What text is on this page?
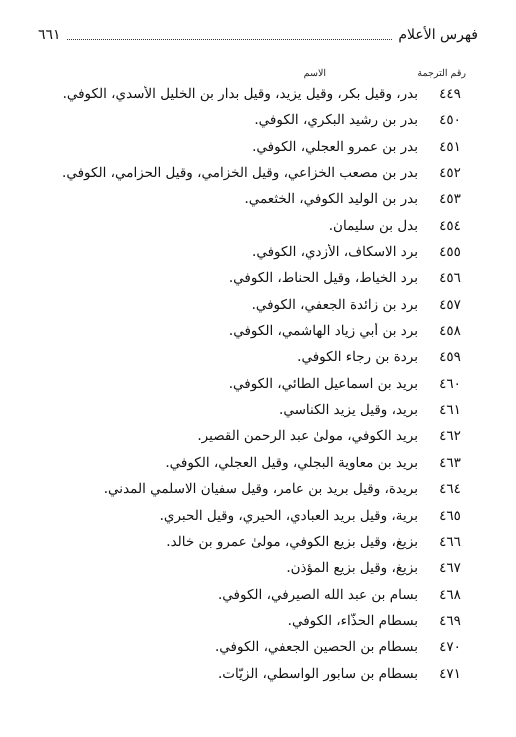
فهرس الأعلام
٦٦١
رقم الترجمة
الاسم
٤٤٩
بدر، وقيل بكر، وقيل يزيد، وقيل بدار بن الخليل الأسدي، الكوفي.
٤٥٠
بدر بن رشيد البكري، الكوفي.
٤٥١
بدر بن عمرو العجلي، الكوفي.
٤٥٢
بدر بن مصعب الخزاعي، وقيل الخزامي، وقيل الحزامي، الكوفي.
٤٥٣
بدر بن الوليد الكوفي، الخثعمي.
٤٥٤
بدل بن سليمان.
٤٥٥
برد الاسكاف، الأزدي، الكوفي.
٤٥٦
برد الخياط، وقيل الحناط، الكوفي.
٤٥٧
برد بن زائدة الجعفي، الكوفي.
٤٥٨
برد بن أبي زياد الهاشمي، الكوفي.
٤٥٩
بردة بن رجاء الكوفي.
٤٦٠
بريد بن اسماعيل الطائي، الكوفي.
٤٦١
بريد، وقيل يزيد الكناسي.
٤٦٢
بريد الكوفي، مولىٰ عبد الرحمن القصير.
٤٦٣
بريد بن معاوية البجلي، وقيل العجلي، الكوفي.
٤٦٤
بريدة، وقيل بريد بن عامر، وقيل سفيان الاسلمي المدني.
٤٦٥
برية، وقيل بريد العبادي، الحيري، وقيل الحبري.
٤٦٦
بزيغ، وقيل بزيع الكوفي، مولىٰ عمرو بن خالد.
٤٦٧
بزيغ، وقيل بزيع المؤذن.
٤٦٨
بسام بن عبد الله الصيرفي، الكوفي.
٤٦٩
بسطام الحذّاء، الكوفي.
٤٧٠
بسطام بن الحصين الجعفي، الكوفي.
٤٧١
بسطام بن سابور الواسطي، الزيّات.
